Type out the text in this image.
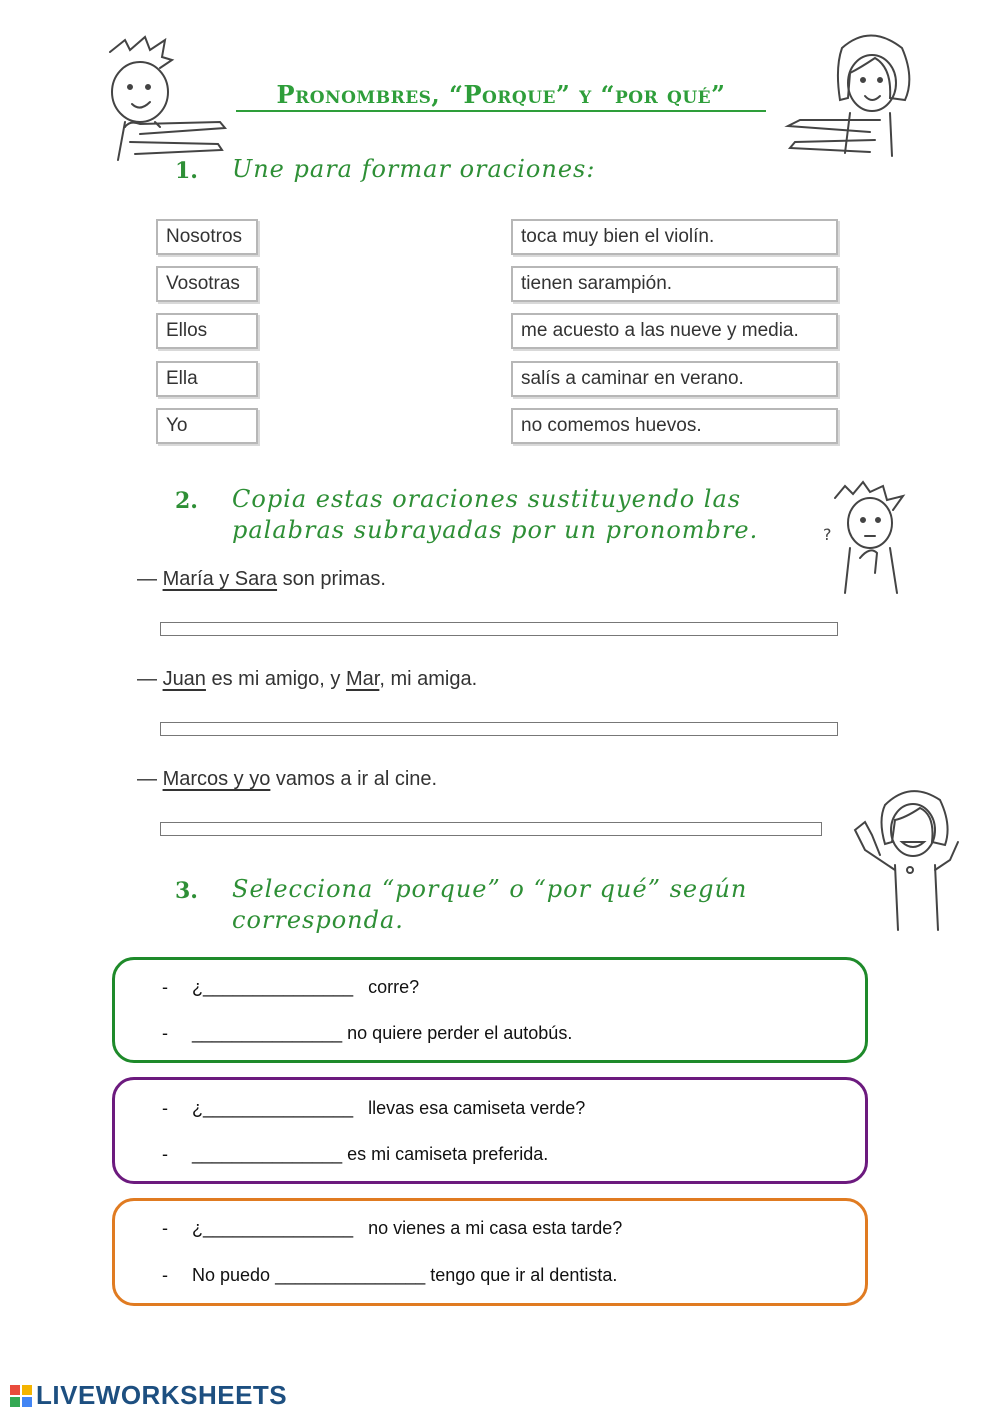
Pronombres, “Porque” y “por qué”
?
1. Une para formar oraciones:
Nosotros
Vosotras
Ellos
Ella
Yo
toca muy bien el violín.
tienen sarampión.
me acuesto a las nueve y media.
salís a caminar en verano.
no comemos huevos.
2. Copia estas oraciones sustituyendo las
palabras subrayadas por un pronombre.
— María y Sara son primas.
— Juan es mi amigo, y Mar, mi amiga.
— Marcos y yo vamos a ir al cine.
3. Selecciona “porque” o “por qué” según
corresponda.
- ¿_______________   corre?
- _______________ no quiere perder el autobús.
- ¿_______________   llevas esa camiseta verde?
- _______________ es mi camiseta preferida.
- ¿_______________   no vienes a mi casa esta tarde?
- No puedo _______________ tengo que ir al dentista.
LIVEWORKSHEETS
